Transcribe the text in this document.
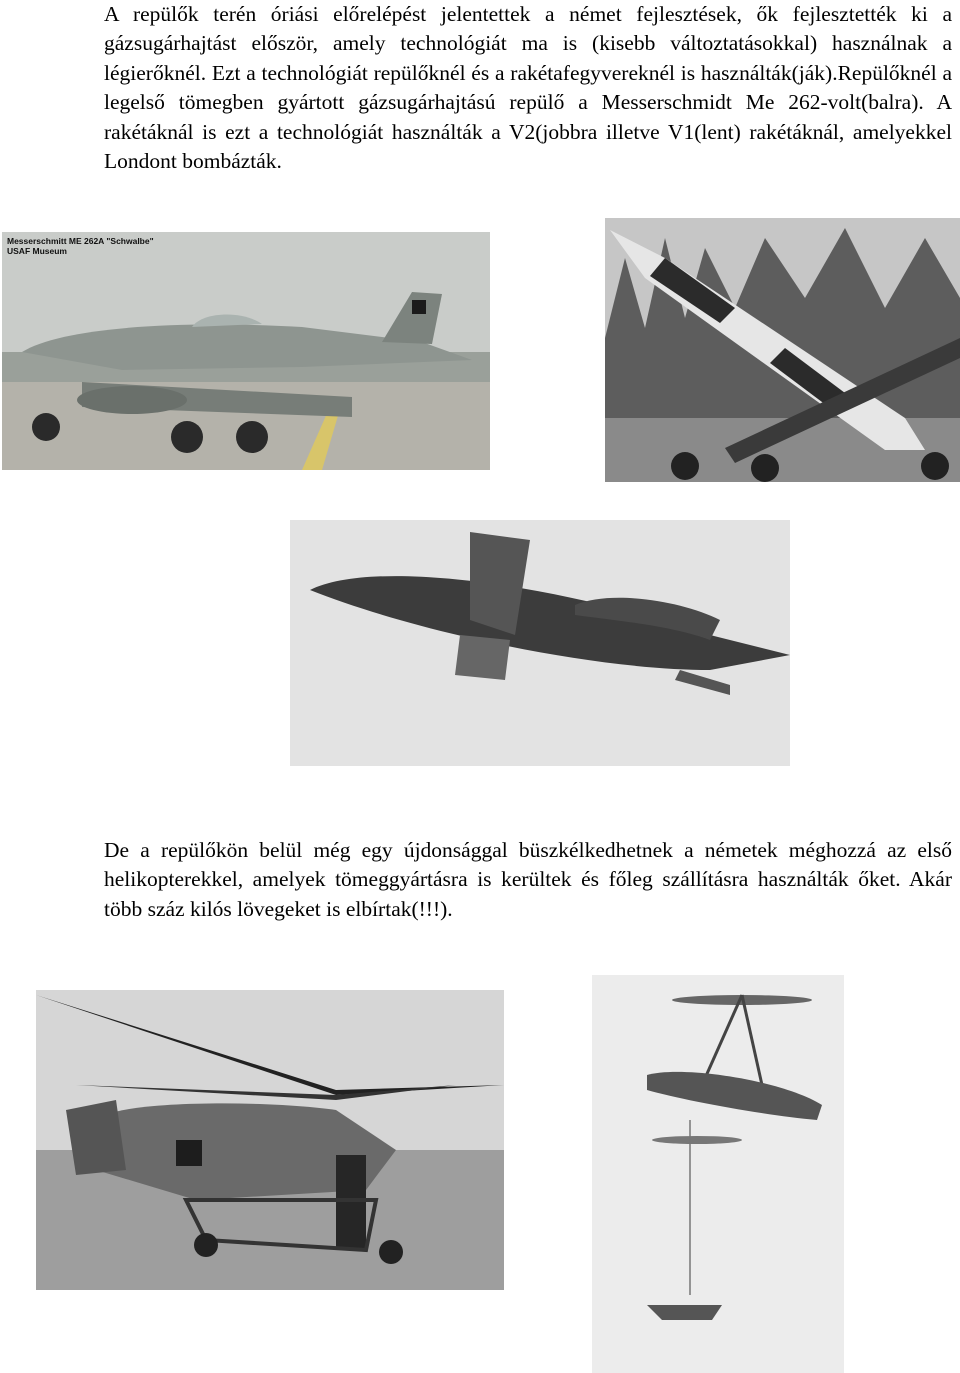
A repülők terén óriási előrelépést jelentettek a német fejlesztések, ők fejlesztették ki a gázsugárhajtást először, amely technológiát ma is (kisebb változtatásokkal) használnak a légierőknél. Ezt a technológiát repülőknél és a rakétafegyvereknél is használták(ják).Repülőknél a legelső tömegben gyártott gázsugárhajtású repülő a Messerschmidt Me 262-volt(balra). A rakétáknál is ezt a technológiát használták a V2(jobbra illetve V1(lent) rakétáknál, amelyekkel Londont bombázták.

Messerschmitt ME 262A "Schwalbe"
USAF Museum

De a repülőkön belül még egy újdonsággal büszkélkedhetnek a németek méghozzá az első helikopterekkel, amelyek tömeggyártásra is kerültek és főleg szállításra használták őket. Akár több száz kilós lövegeket is elbírtak(!!!).
